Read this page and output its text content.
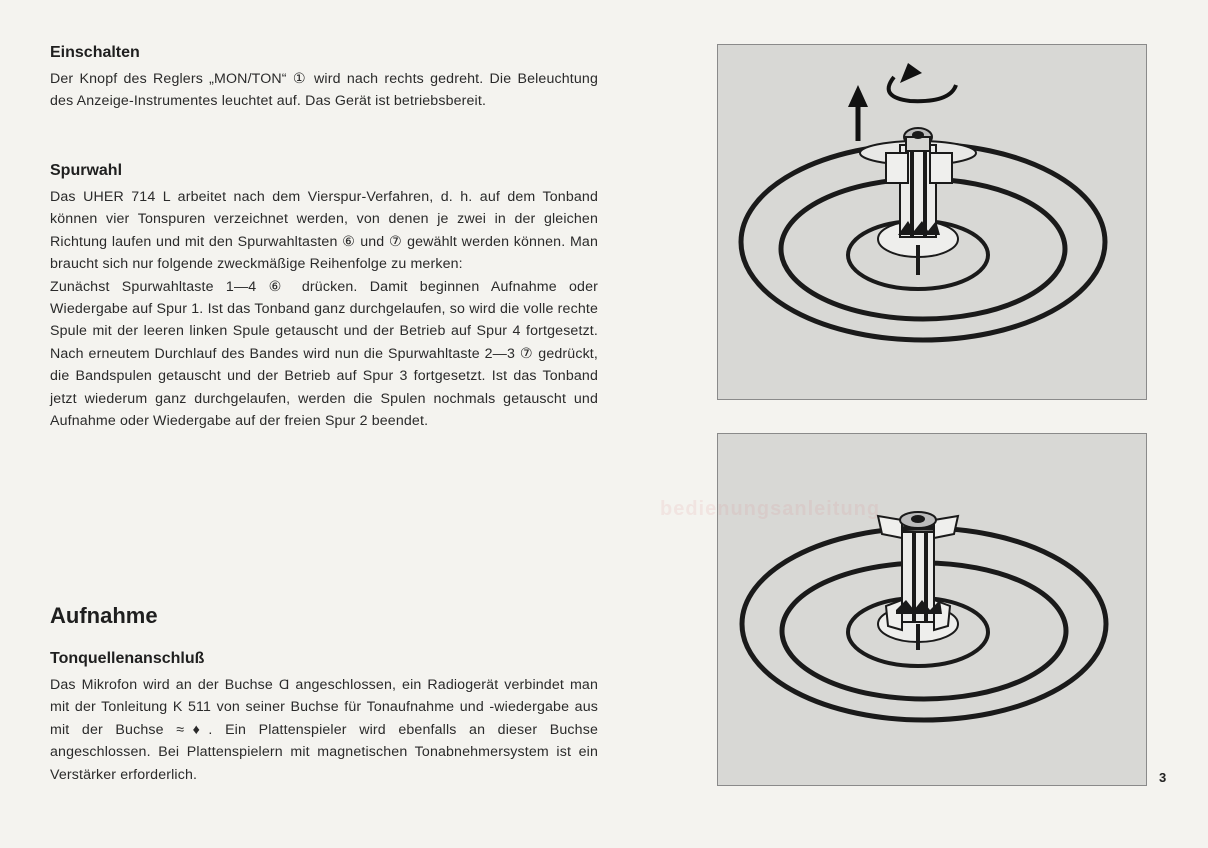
Einschalten
Der Knopf des Reglers „MON/TON“ ① wird nach rechts gedreht. Die Beleuchtung des Anzeige-Instrumentes leuchtet auf. Das Gerät ist betriebsbereit.
Spurwahl
Das UHER 714 L arbeitet nach dem Vierspur-Verfahren, d. h. auf dem Tonband können vier Tonspuren verzeichnet werden, von denen je zwei in der gleichen Richtung laufen und mit den Spurwahltasten ⑥ und ⑦ gewählt werden können. Man braucht sich nur folgende zweckmäßige Reihenfolge zu merken:
Zunächst Spurwahltaste 1—4 ⑥ drücken. Damit beginnen Aufnahme oder Wiedergabe auf Spur 1. Ist das Tonband ganz durchgelaufen, so wird die volle rechte Spule mit der leeren linken Spule getauscht und der Betrieb auf Spur 4 fortgesetzt. Nach erneutem Durchlauf des Bandes wird nun die Spurwahltaste 2—3 ⑦ gedrückt, die Bandspulen getauscht und der Betrieb auf Spur 3 fortgesetzt. Ist das Tonband jetzt wiederum ganz durchgelaufen, werden die Spulen nochmals getauscht und Aufnahme oder Wiedergabe auf der freien Spur 2 beendet.
Aufnahme
Tonquellenanschluß
Das Mikrofon wird an der Buchse Ɑ angeschlossen, ein Radiogerät verbindet man mit der Tonleitung K 511 von seiner Buchse für Tonaufnahme und -wiedergabe aus mit der Buchse ≈♦. Ein Plattenspieler wird ebenfalls an dieser Buchse angeschlossen. Bei Plattenspielern mit magnetischen Tonabnehmersystem ist ein Verstärker erforderlich.
bedienungsanleitung
3
